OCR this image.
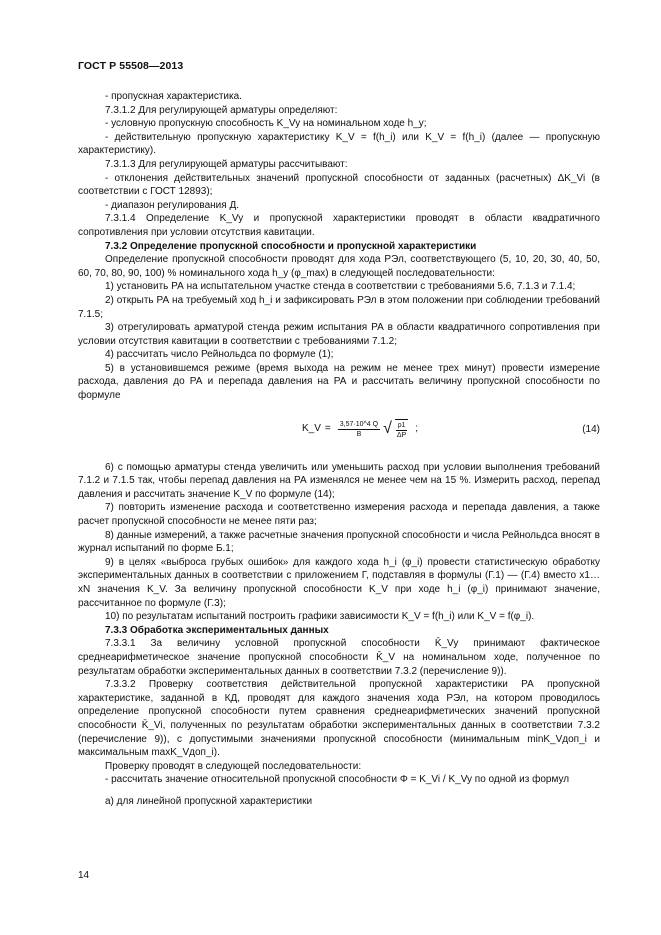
ГОСТ Р 55508—2013

- пропускная характеристика.

7.3.1.2 Для регулирующей арматуры определяют:

- условную пропускную способность K_Vy на номинальном ходе h_y;

- действительную пропускную характеристику K_V = f(h_i) или K_V = f(h_i) (далее — пропускную характеристику).

7.3.1.3 Для регулирующей арматуры рассчитывают:

- отклонения действительных значений пропускной способности от заданных (расчетных) ΔK_Vi (в соответствии с ГОСТ 12893);

- диапазон регулирования Д.

7.3.1.4 Определение K_Vy и пропускной характеристики проводят в области квадратичного сопротивления при условии отсутствия кавитации.

7.3.2 Определение пропускной способности и пропускной характеристики

Определение пропускной способности проводят для хода РЭл, соответствующего (5, 10, 20, 30, 40, 50, 60, 70, 80, 90, 100) % номинального хода h_y (φ_max) в следующей последовательности:

1) установить РА на испытательном участке стенда в соответствии с требованиями 5.6, 7.1.3 и 7.1.4;

2) открыть РА на требуемый ход h_i и зафиксировать РЭл в этом положении при соблюдении требований 7.1.5;

3) отрегулировать арматурой стенда режим испытания РА в области квадратичного сопротивления при условии отсутствия кавитации в соответствии с требованиями 7.1.2;

4) рассчитать число Рейнольдса по формуле (1);

5) в установившемся режиме (время выхода на режим не менее трех минут) провести измерение расхода, давления до РА и перепада давления на РА и рассчитать величину пропускной способности по формуле

K_V = $\frac{3,57\cdot 10\^{}4 Q}{B}$ √ $\frac{\rho 1}{\Delta P}$ ;	(14)

6) с помощью арматуры стенда увеличить или уменьшить расход при условии выполнения требований 7.1.2 и 7.1.5 так, чтобы перепад давления на РА изменялся не менее чем на 15 %. Измерить расход, перепад давления и рассчитать значение K_V по формуле (14);

7) повторить изменение расхода и соответственно измерения расхода и перепада давления, а также расчет пропускной способности не менее пяти раз;

8) данные измерений, а также расчетные значения пропускной способности и числа Рейнольдса вносят в журнал испытаний по форме Б.1;

9) в целях «выброса грубых ошибок» для каждого хода h_i (φ_i) провести статистическую обработку экспериментальных данных в соответствии с приложением Г, подставляя в формулы (Г.1) — (Г.4) вместо x1…xN значения K_V. За величину пропускной способности K_V при ходе h_i (φ_i) принимают значение, рассчитанное по формуле (Г.3);

10) по результатам испытаний построить графики зависимости K_V = f(h_i) или K_V = f(φ_i).

7.3.3 Обработка экспериментальных данных

7.3.3.1 За величину условной пропускной способности K̄_Vy принимают фактическое среднеарифметическое значение пропускной способности K̄_V на номинальном ходе, полученное по результатам обработки экспериментальных данных в соответствии 7.3.2 (перечисление 9)).

7.3.3.2 Проверку соответствия действительной пропускной характеристики РА пропускной характеристике, заданной в КД, проводят для каждого значения хода РЭл, на котором проводилось определение пропускной способности путем сравнения среднеарифметических значений пропускной способности K̄_Vi, полученных по результатам обработки экспериментальных данных в соответствии 7.3.2 (перечисление 9)), с допустимыми значениями пропускной способности (минимальным minK_Vдоп_i и максимальным maxK_Vдоп_i).

Проверку проводят в следующей последовательности:

- рассчитать значение относительной пропускной способности Φ = K_Vi / K_Vy по одной из формул

а) для линейной пропускной характеристики

14
